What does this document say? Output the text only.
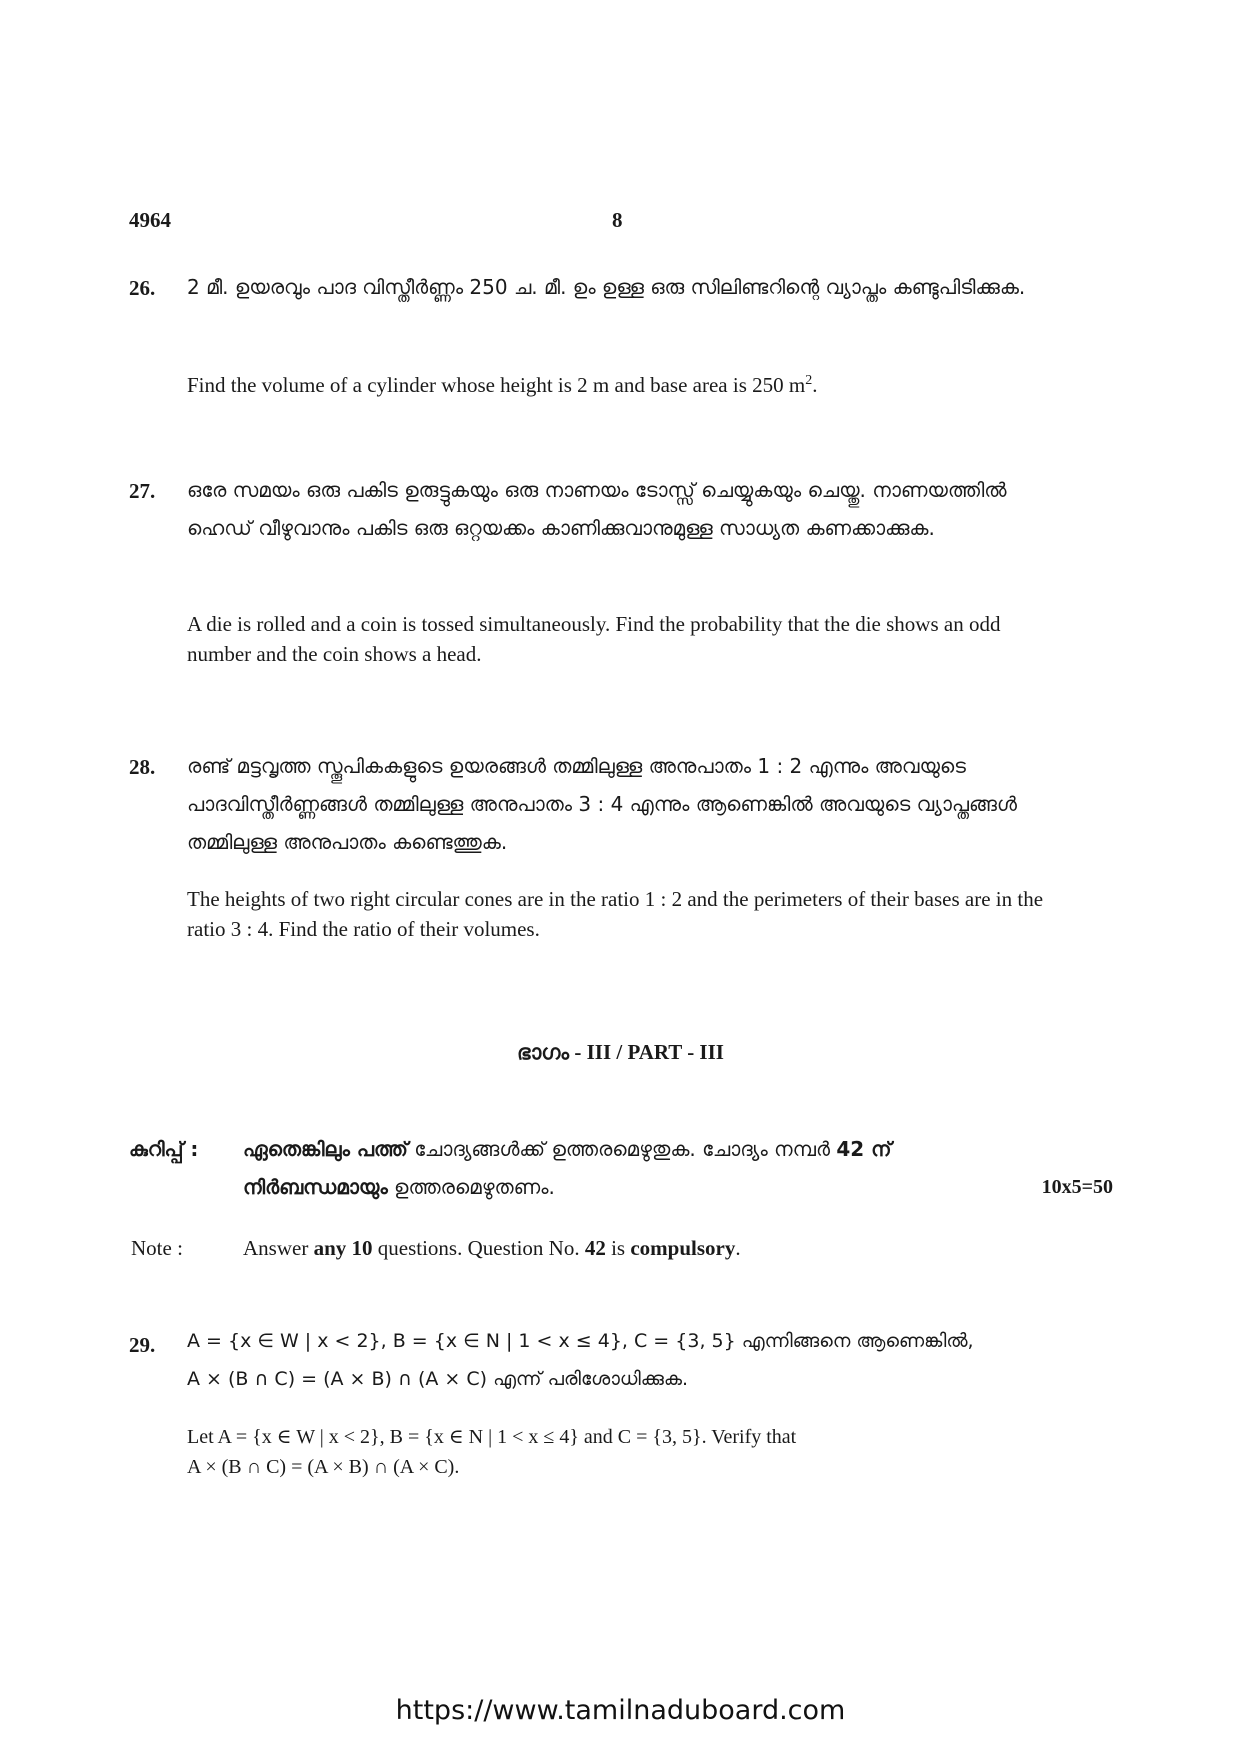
4964	8
26. 2 മീ. ഉയരവും പാദ വിസ്തീർണ്ണം 250 ച. മീ. ഉം ഉള്ള ഒരു സിലിണ്ടറിന്റെ വ്യാപ്തം കണ്ടുപിടിക്കുക.
Find the volume of a cylinder whose height is 2 m and base area is 250 $m^2$.
27. ഒരേ സമയം ഒരു പകിട ഉരുട്ടുകയും ഒരു നാണയം ടോസ്സ് ചെയ്യുകയും ചെയ്തു. നാണയത്തിൽ ഹെഡ് വീഴുവാനും പകിട ഒരു ഒറ്റയക്കം കാണിക്കുവാനുമുള്ള സാധ്യത കണക്കാക്കുക.
A die is rolled and a coin is tossed simultaneously. Find the probability that the die shows an odd number and the coin shows a head.
28. രണ്ട് മട്ടവൃത്ത സ്തൂപികകളുടെ ഉയരങ്ങൾ തമ്മിലുള്ള അനുപാതം 1 : 2 എന്നും അവയുടെ പാദവിസ്തീർണ്ണങ്ങൾ തമ്മിലുള്ള അനുപാതം 3 : 4 എന്നും ആണെങ്കിൽ അവയുടെ വ്യാപ്തങ്ങൾ തമ്മിലുള്ള അനുപാതം കണ്ടെത്തുക.
The heights of two right circular cones are in the ratio 1 : 2 and the perimeters of their bases are in the ratio 3 : 4. Find the ratio of their volumes.
ഭാഗം - III / PART - III
കുറിപ്പ് : ഏതെങ്കിലും പത്ത് ചോദ്യങ്ങൾക്ക് ഉത്തരമെഴുതുക. ചോദ്യം നമ്പർ 42 ന്
നിർബന്ധമായും ഉത്തരമെഴുതണം.	10x5=50
Note :	Answer any 10 questions. Question No. 42 is compulsory.
29. A = {x ∈ W | x < 2}, B = {x ∈ N | 1 < x ≤ 4}, C = {3, 5} എന്നിങ്ങനെ ആണെങ്കിൽ,
A × (B ∩ C) = (A × B) ∩ (A × C) എന്ന് പരിശോധിക്കുക.
Let A = {x ∈ W | x < 2}, B = {x ∈ N | 1 < x ≤ 4} and C = {3, 5}. Verify that
A × (B ∩ C) = (A × B) ∩ (A × C).
https://www.tamilnaduboard.com
